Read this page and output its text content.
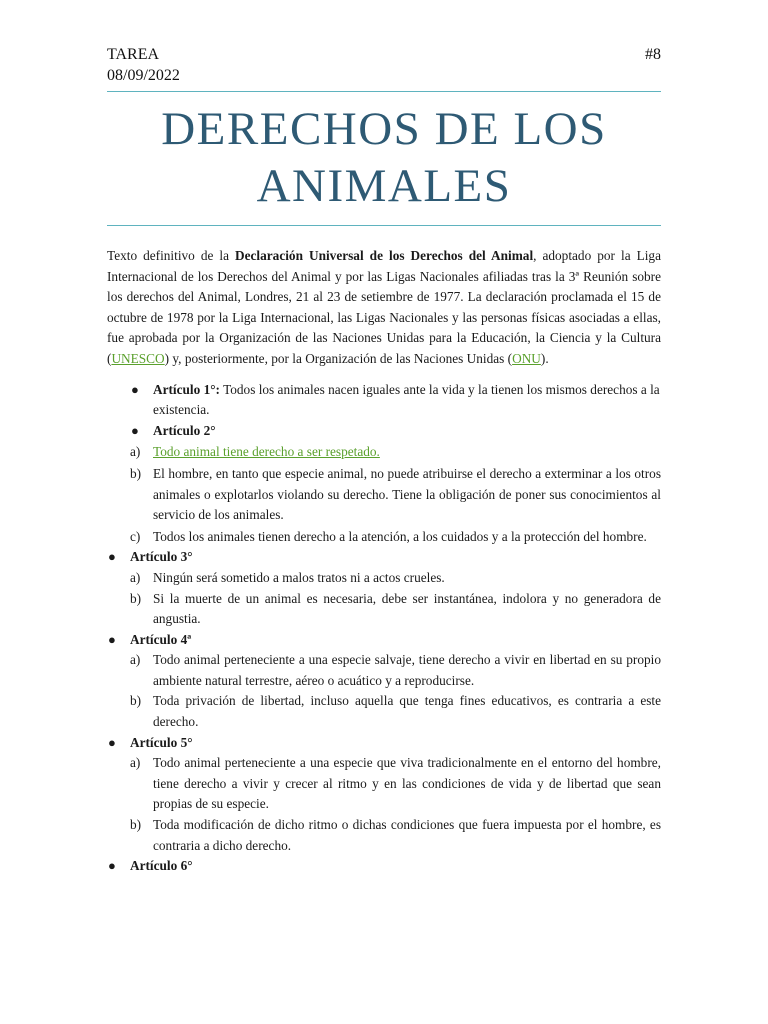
TAREA
08/09/2022
#8
DERECHOS DE LOS
ANIMALES

Texto definitivo de la Declaración Universal de los Derechos del Animal, adoptado por la Liga Internacional de los Derechos del Animal y por las Ligas Nacionales afiliadas tras la 3ª Reunión sobre los derechos del Animal, Londres, 21 al 23 de setiembre de 1977. La declaración proclamada el 15 de octubre de 1978 por la Liga Internacional, las Ligas Nacionales y las personas físicas asociadas a ellas, fue aprobada por la Organización de las Naciones Unidas para la Educación, la Ciencia y la Cultura (UNESCO) y, posteriormente, por la Organización de las Naciones Unidas (ONU).

● Artículo 1°: Todos los animales nacen iguales ante la vida y la tienen los mismos derechos a la existencia.
● Artículo 2°
a) Todo animal tiene derecho a ser respetado.
b) El hombre, en tanto que especie animal, no puede atribuirse el derecho a exterminar a los otros animales o explotarlos violando su derecho. Tiene la obligación de poner sus conocimientos al servicio de los animales.
c) Todos los animales tienen derecho a la atención, a los cuidados y a la protección del hombre.
● Artículo 3°
a) Ningún será sometido a malos tratos ni a actos crueles.
b) Si la muerte de un animal es necesaria, debe ser instantánea, indolora y no generadora de angustia.
● Artículo 4ª
a) Todo animal perteneciente a una especie salvaje, tiene derecho a vivir en libertad en su propio ambiente natural terrestre, aéreo o acuático y a reproducirse.
b) Toda privación de libertad, incluso aquella que tenga fines educativos, es contraria a este derecho.
● Artículo 5°
a) Todo animal perteneciente a una especie que viva tradicionalmente en el entorno del hombre, tiene derecho a vivir y crecer al ritmo y en las condiciones de vida y de libertad que sean propias de su especie.
b) Toda modificación de dicho ritmo o dichas condiciones que fuera impuesta por el hombre, es contraria a dicho derecho.
● Artículo 6°
